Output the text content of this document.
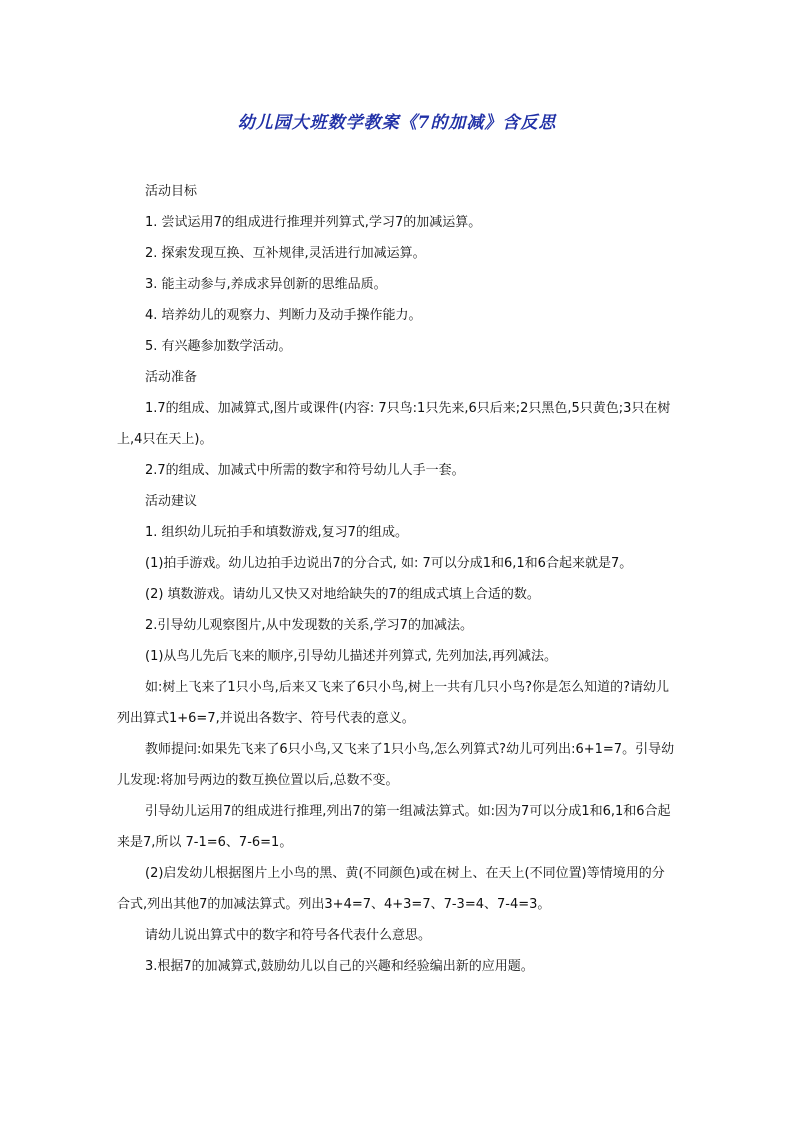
幼儿园大班数学教案《7的加减》含反思

活动目标

1. 尝试运用7的组成进行推理并列算式,学习7的加减运算。

2. 探索发现互换、互补规律,灵活进行加减运算。

3. 能主动参与,养成求异创新的思维品质。

4. 培养幼儿的观察力、判断力及动手操作能力。

5. 有兴趣参加数学活动。

活动准备

1.7的组成、加减算式,图片或课件(内容: 7只鸟:1只先来,6只后来;2只黑色,5只黄色;3只在树上,4只在天上)。

2.7的组成、加减式中所需的数字和符号幼儿人手一套。

活动建议

1. 组织幼儿玩拍手和填数游戏,复习7的组成。

(1)拍手游戏。幼儿边拍手边说出7的分合式, 如: 7可以分成1和6,1和6合起来就是7。

(2) 填数游戏。请幼儿又快又对地给缺失的7的组成式填上合适的数。

2.引导幼儿观察图片,从中发现数的关系,学习7的加减法。

(1)从鸟儿先后飞来的顺序,引导幼儿描述并列算式, 先列加法,再列减法。

如:树上飞来了1只小鸟,后来又飞来了6只小鸟,树上一共有几只小鸟?你是怎么知道的?请幼儿列出算式1+6=7,并说出各数字、符号代表的意义。

教师提问:如果先飞来了6只小鸟,又飞来了1只小鸟,怎么列算式?幼儿可列出:6+1=7。引导幼儿发现:将加号两边的数互换位置以后,总数不变。

引导幼儿运用7的组成进行推理,列出7的第一组减法算式。如:因为7可以分成1和6,1和6合起来是7,所以 7-1=6、7-6=1。

(2)启发幼儿根据图片上小鸟的黑、黄(不同颜色)或在树上、在天上(不同位置)等情境用的分合式,列出其他7的加减法算式。列出3+4=7、4+3=7、7-3=4、7-4=3。

请幼儿说出算式中的数字和符号各代表什么意思。

3.根据7的加减算式,鼓励幼儿以自己的兴趣和经验编出新的应用题。
